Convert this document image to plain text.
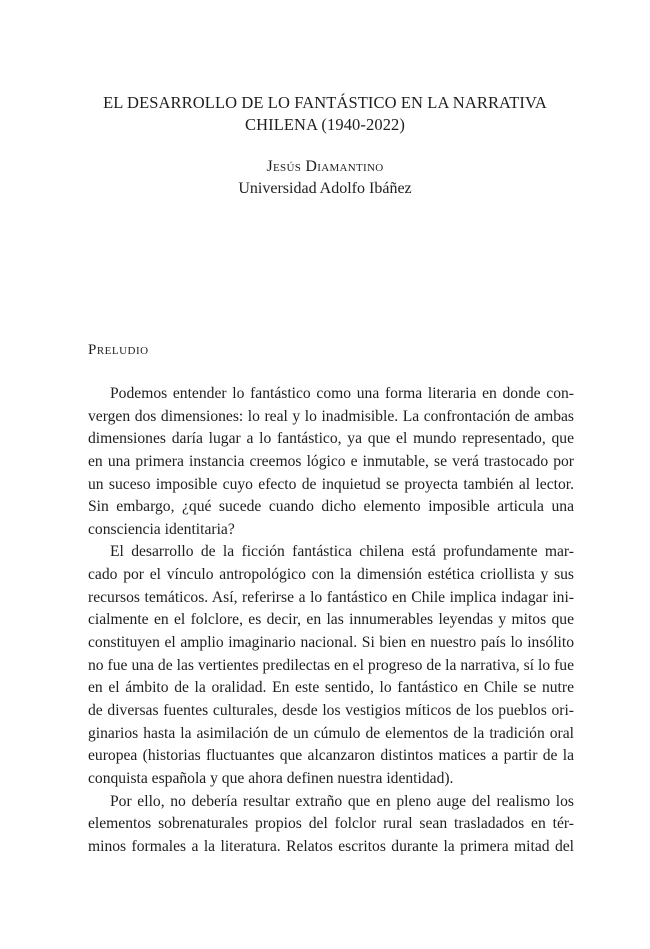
EL DESARROLLO DE LO FANTÁSTICO EN LA NARRATIVA
CHILENA (1940-2022)
Jesús Diamantino
Universidad Adolfo Ibáñez
Preludio
Podemos entender lo fantástico como una forma literaria en donde con-
vergen dos dimensiones: lo real y lo inadmisible. La confrontación de ambas
dimensiones daría lugar a lo fantástico, ya que el mundo representado, que
en una primera instancia creemos lógico e inmutable, se verá trastocado por
un suceso imposible cuyo efecto de inquietud se proyecta también al lector.
Sin embargo, ¿qué sucede cuando dicho elemento imposible articula una
consciencia identitaria?
El desarrollo de la ficción fantástica chilena está profundamente mar-
cado por el vínculo antropológico con la dimensión estética criollista y sus
recursos temáticos. Así, referirse a lo fantástico en Chile implica indagar ini-
cialmente en el folclore, es decir, en las innumerables leyendas y mitos que
constituyen el amplio imaginario nacional. Si bien en nuestro país lo insólito
no fue una de las vertientes predilectas en el progreso de la narrativa, sí lo fue
en el ámbito de la oralidad. En este sentido, lo fantástico en Chile se nutre
de diversas fuentes culturales, desde los vestigios míticos de los pueblos ori-
ginarios hasta la asimilación de un cúmulo de elementos de la tradición oral
europea (historias fluctuantes que alcanzaron distintos matices a partir de la
conquista española y que ahora definen nuestra identidad).
Por ello, no debería resultar extraño que en pleno auge del realismo los
elementos sobrenaturales propios del folclor rural sean trasladados en tér-
minos formales a la literatura. Relatos escritos durante la primera mitad del
